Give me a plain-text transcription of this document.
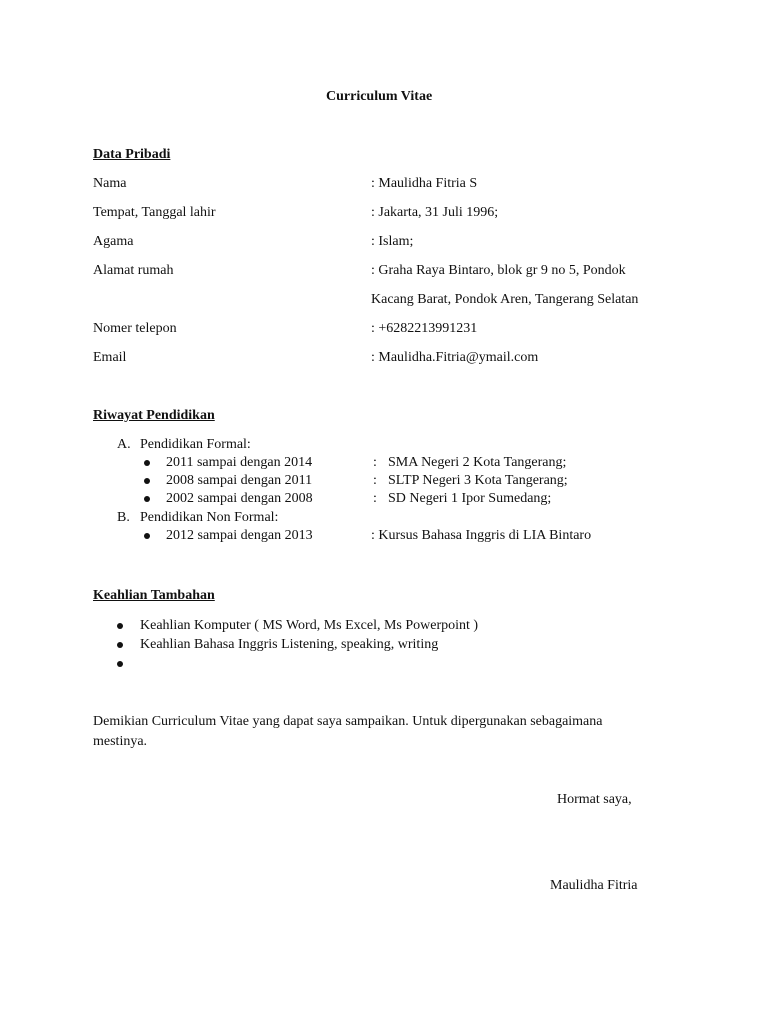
Curriculum Vitae
Data Pribadi
Nama	: Maulidha Fitria S
Tempat, Tanggal lahir	: Jakarta, 31 Juli 1996;
Agama	: Islam;
Alamat rumah	: Graha Raya Bintaro, blok gr 9 no 5, Pondok
Kacang Barat, Pondok Aren, Tangerang Selatan
Nomer telepon	: +6282213991231
Email	: Maulidha.Fitria@ymail.com
Riwayat Pendidikan
A. Pendidikan Formal:
2011 sampai dengan 2014	: SMA Negeri 2 Kota Tangerang;
2008 sampai dengan 2011	: SLTP Negeri 3 Kota Tangerang;
2002 sampai dengan 2008	: SD Negeri 1 Ipor Sumedang;
B. Pendidikan Non Formal:
2012 sampai dengan 2013	: Kursus Bahasa Inggris di LIA Bintaro
Keahlian Tambahan
Keahlian Komputer ( MS Word, Ms Excel, Ms Powerpoint )
Keahlian Bahasa Inggris Listening, speaking, writing
Demikian Curriculum Vitae yang dapat saya sampaikan. Untuk dipergunakan sebagaimana
mestinya.
Hormat saya,
Maulidha Fitria
